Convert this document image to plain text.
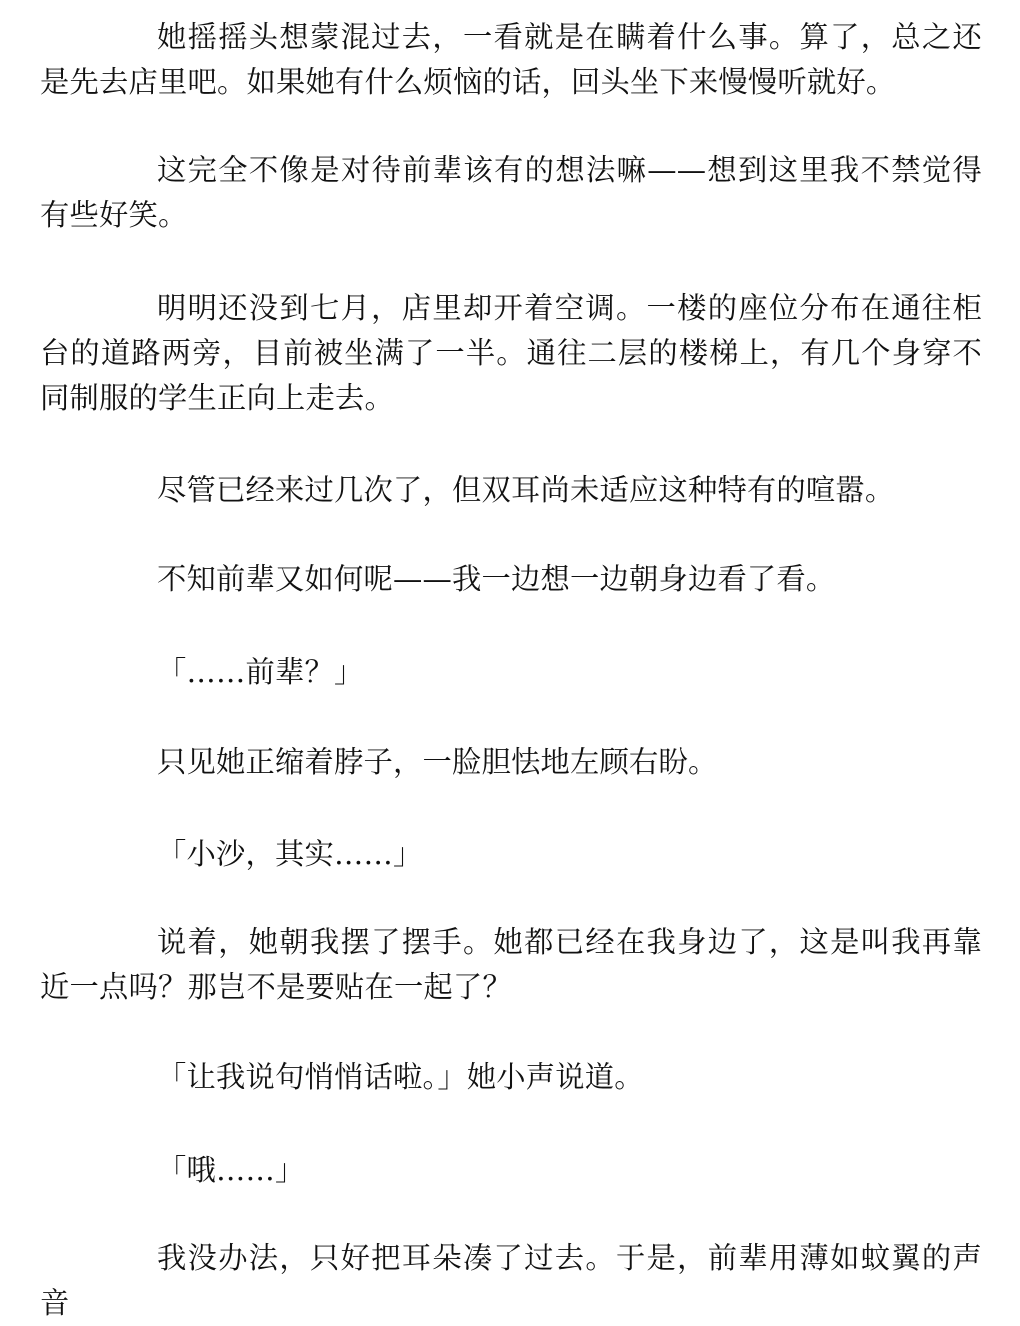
她摇摇头想蒙混过去，一看就是在瞒着什么事。算了，总之还是先去店里吧。如果她有什么烦恼的话，回头坐下来慢慢听就好。

这完全不像是对待前辈该有的想法嘛——想到这里我不禁觉得有些好笑。

明明还没到七月，店里却开着空调。一楼的座位分布在通往柜台的道路两旁，目前被坐满了一半。通往二层的楼梯上，有几个身穿不同制服的学生正向上走去。

尽管已经来过几次了，但双耳尚未适应这种特有的喧嚣。

不知前辈又如何呢——我一边想一边朝身边看了看。

「……前辈？」

只见她正缩着脖子，一脸胆怯地左顾右盼。

「小沙，其实……」

说着，她朝我摆了摆手。她都已经在我身边了，这是叫我再靠近一点吗？那岂不是要贴在一起了？

「让我说句悄悄话啦。」她小声说道。

「哦……」

我没办法，只好把耳朵凑了过去。于是，前辈用薄如蚊翼的声音
